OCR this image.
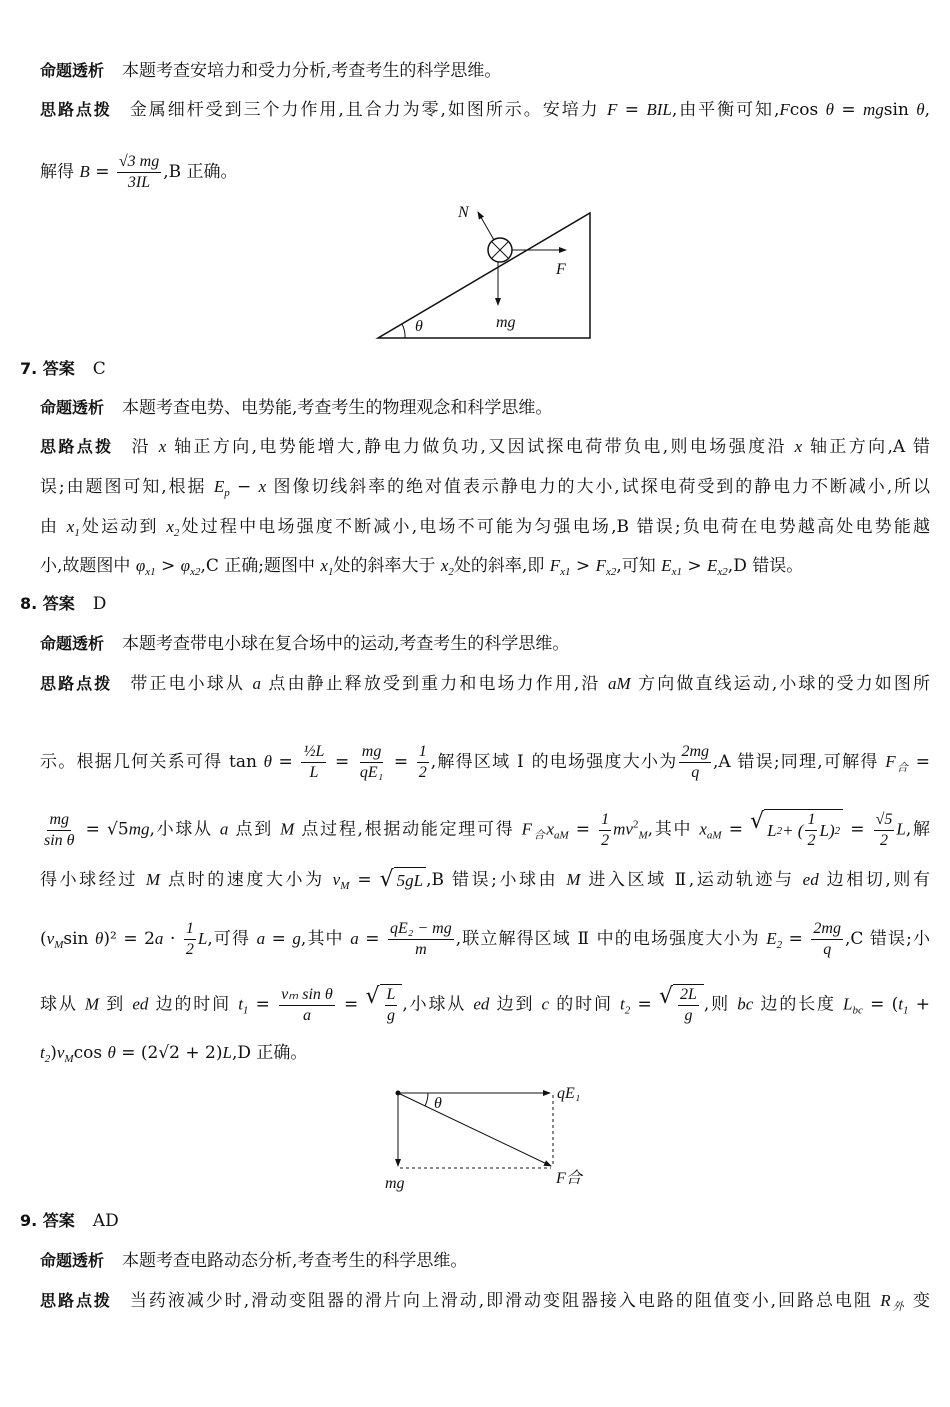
命题透析 本题考查安培力和受力分析,考查考生的科学思维。
思路点拨 金属细杆受到三个力作用,且合力为零,如图所示。安培力 F = BIL,由平衡可知,Fcos θ = mgsin θ,
解得 $B = \frac{√3 mg}{3IL} ,B$ 正确。
7. 答案 C
命题透析 本题考查电势、电势能,考查考生的物理观念和科学思维。
思路点拨 沿 x 轴正方向,电势能增大,静电力做负功,又因试探电荷带负电,则电场强度沿 x 轴正方向,A 错
误;由题图可知,根据 $E_p - x$ 图像切线斜率的绝对值表示静电力的大小,试探电荷受到的静电力不断减小,所以
由 $x_1$处运动到 $x_2$处过程中电场强度不断减小,电场不可能为匀强电场,B 错误;负电荷在电势越高处电势能越
小,故题图中 $\varphi_{x1} > \varphi_{x2},C$ 正确;题图中 $x_1$处的斜率大于 $x_2$处的斜率,即 $F_{x1} > F_{x2}$,可知 $E_{x1} > E_{x2},D$ 错误。
8. 答案 D
命题透析 本题考查带电小球在复合场中的运动,考查考生的科学思维。
思路点拨 带正电小球从 a 点由静止释放受到重力和电场力作用,沿 aM 方向做直线运动,小球的受力如图所
示。根据几何关系可得 $\tan \theta = \frac{\text{½L}}{L} = \frac{mg}{\text{qE₁}} = \frac{1}{2}$ ,解得区域 Ⅰ 的电场强度大小为 $\frac{2mg}{q} ,A$ 错误;同理,可解得 $F_合$ =
$\frac{mg}{\text{sin θ}} = √5mg$,小球从 a 点到 M 点过程,根据动能定理可得 $F_合x_{aM} = \frac{1}{2} mv^2_M$,其中 $x_{aM}$ = √ L 2 + ( $\frac{1}{2}$ L ) $2 = \frac{√5}{2} L$,解
得小球经过 M 点时的速度大小为 $v_M$ = √ 5gL ,B 错误;小球由 M 进入区域 Ⅱ,运动轨迹与 ed 边相切,则有
($v_M\sin$ $\theta)^2 = 2a \cdot \frac{1}{2} L$,可得 a = g,其中 $a = \frac{\text{qE₂ − mg}}{m}$ ,联立解得区域 Ⅱ 中的电场强度大小为 $E_2 = \frac{2mg}{q} ,C$ 错误;小
球从 M 到 ed 边的时间 $t_1 = \frac{\text{vₘ sin θ}}{a}$ = √ $\frac{L}{g}$ ,小球从 ed 边到 c 的时间 $t_2$ = √ $\frac{2L}{g}$ ,则 bc 边的长度 $L_{bc} = (t_1$ +
$t_2)v_M\cos$ θ = (2√2 + 2)L,D 正确。
9. 答案 AD
命题透析 本题考查电路动态分析,考查考生的科学思维。
思路点拨 当药液减少时,滑动变阻器的滑片向上滑动,即滑动变阻器接入电路的阻值变小,回路总电阻 $R_外$ 变
N
F
mg
θ
θ
qE₁
mg	F合
